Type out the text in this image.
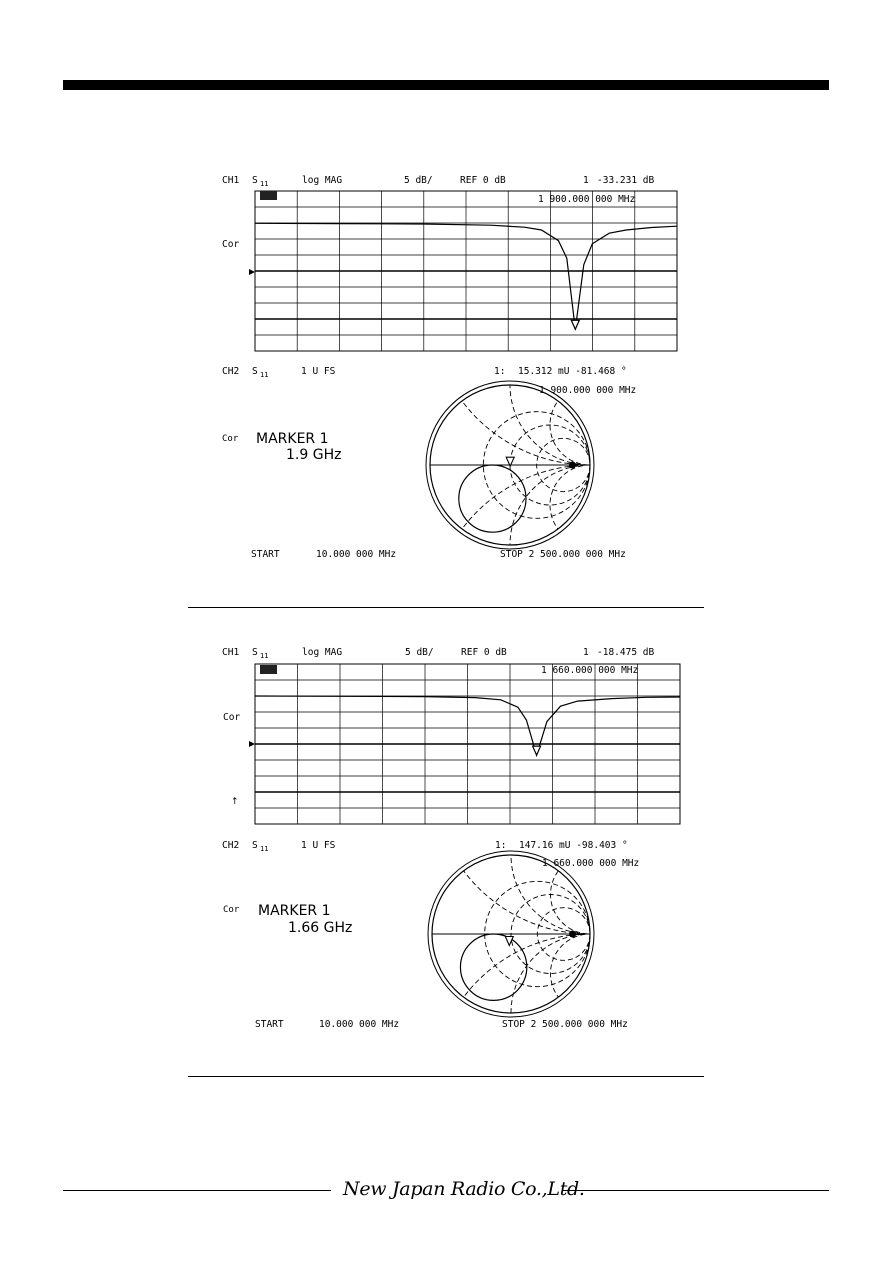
CH1 S 11	log MAG	5 dB/	REF 0 dB	1 -33.231 dB
1 900.000 000 MHz
Cor
CH2 S 11	1 U FS	1: 15.312 mU -81.468 °
1 900.000 000 MHz
Cor MARKER 1
1.9 GHz
START	10.000 000 MHz	STOP 2 500.000 000 MHz
CH1 S 11	log MAG	5 dB/	REF 0 dB	1 -18.475 dB
1 660.000 000 MHz
Cor
CH2 S 11	1 U FS	1: 147.16 mU -98.403 °
1 660.000 000 MHz
Cor MARKER 1
1.66 GHz
START	10.000 000 MHz	STOP 2 500.000 000 MHz
↑
New Japan Radio Co.,Ltd.
